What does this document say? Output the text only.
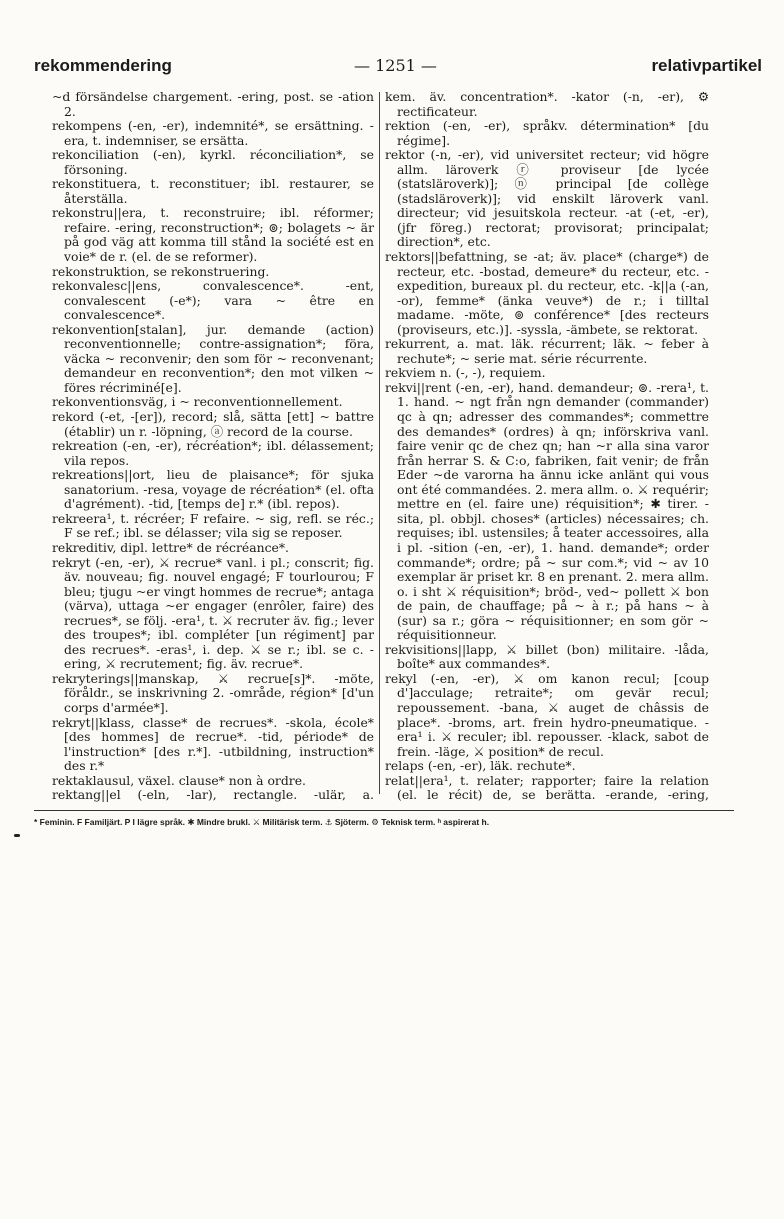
rekommendering	— 1251 —	relativpartikel

~d försändelse chargement. -ering, post. se -ation 2.

rekompens (-en, -er), indemnité*, se ersättning. -era, t. indemniser, se ersätta.

rekonciliation (-en), kyrkl. réconciliation*, se försoning.

rekonstituera, t. reconstituer; ibl. restaurer, se återställa.

rekonstru||era, t. reconstruire; ibl. réformer; refaire. -ering, reconstruction*; ⊚; bolagets ~ är på god väg att komma till stånd la société est en voie* de r. (el. de se reformer).

rekonstruktion, se rekonstruering.

rekonvalesc||ens, convalescence*. -ent, convalescent (-e*); vara ~ être en convalescence*.

rekonvention[stalan], jur. demande (action) reconventionnelle; contre-assignation*; föra, väcka ~ reconvenir; den som för ~ reconvenant; demandeur en reconvention*; den mot vilken ~ föres récriminé[e].

rekonventionsväg, i ~ reconventionnellement.

rekord (-et, -[er]), record; slå, sätta [ett] ~ battre (établir) un r. -löpning, ⓐ record de la course.

rekreation (-en, -er), récréation*; ibl. délassement; vila repos.

rekreations||ort, lieu de plaisance*; för sjuka sanatorium. -resa, voyage de récréation* (el. ofta d'agrément). -tid, [temps de] r.* (ibl. repos).

rekreera¹, t. récréer; F refaire. ~ sig, refl. se réc.; F se ref.; ibl. se délasser; vila sig se reposer.

rekreditiv, dipl. lettre* de récréance*.

rekryt (-en, -er), ⚔ recrue* vanl. i pl.; conscrit; fig. äv. nouveau; fig. nouvel engagé; F tourlourou; F bleu; tjugu ~er vingt hommes de recrue*; antaga (värva), uttaga ~er engager (enrôler, faire) des recrues*, se följ. -era¹, t. ⚔ recruter äv. fig.; lever des troupes*; ibl. compléter [un régiment] par des recrues*. -eras¹, i. dep. ⚔ se r.; ibl. se c. -ering, ⚔ recrutement; fig. äv. recrue*.

rekryterings||manskap, ⚔ recrue[s]*. -möte, föråldr., se inskrivning 2. -område, région* [d'un corps d'armée*].

rekryt||klass, classe* de recrues*. -skola, école* [des hommes] de recrue*. -tid, période* de l'instruction* [des r.*]. -utbildning, instruction* des r.*

rektaklausul, växel. clause* non à ordre.

rektang||el (-eln, -lar), rectangle. -ulär, a.

kem. äv. concentration*. -kator (-n, -er), ⚙ rectificateur.

rektion (-en, -er), språkv. détermination* [du régime].

rektor (-n, -er), vid universitet recteur; vid högre allm. läroverk ⓡ proviseur [de lycée (statsläroverk)]; ⓝ principal [de collège (stadsläroverk)]; vid enskilt läroverk vanl. directeur; vid jesuitskola recteur. -at (-et, -er), (jfr föreg.) rectorat; provisorat; principalat; direction*, etc.

rektors||befattning, se -at; äv. place* (charge*) de recteur, etc. -bostad, demeure* du recteur, etc. -expedition, bureaux pl. du recteur, etc. -k||a (-an, -or), femme* (änka veuve*) de r.; i tilltal madame. -möte, ⊚ conférence* [des recteurs (proviseurs, etc.)]. -syssla, -ämbete, se rektorat.

rekurrent, a. mat. läk. récurrent; läk. ~ feber à rechute*; ~ serie mat. série récurrente.

rekviem n. (-, -), requiem.

rekvi||rent (-en, -er), hand. demandeur; ⊚. -rera¹, t. 1. hand. ~ ngt från ngn demander (commander) qc à qn; adresser des commandes*; commettre des demandes* (ordres) à qn; införskriva vanl. faire venir qc de chez qn; han ~r alla sina varor från herrar S. & C:o, fabriken, fait venir; de från Eder ~de varorna ha ännu icke anlänt qui vous ont été commandées. 2. mera allm. o. ⚔ requérir; mettre en (el. faire une) réquisition*; ✱ tirer. -sita, pl. obbjl. choses* (articles) nécessaires; ch. requises; ibl. ustensiles; å teater accessoires, alla i pl. -sition (-en, -er), 1. hand. demande*; order commande*; ordre; på ~ sur com.*; vid ~ av 10 exemplar är priset kr. 8 en prenant. 2. mera allm. o. i sht ⚔ réquisition*; bröd-, ved~ pollett ⚔ bon de pain, de chauffage; på ~ à r.; på hans ~ à (sur) sa r.; göra ~ réquisitionner; en som gör ~ réquisitionneur.

rekvisitions||lapp, ⚔ billet (bon) militaire. -låda, boîte* aux commandes*.

rekyl (-en, -er), ⚔ om kanon recul; [coup d']acculage; retraite*; om gevär recul; repoussement. -bana, ⚔ auget de châssis de place*. -broms, art. frein hydro-pneumatique. -era¹ i. ⚔ reculer; ibl. repousser. -klack, sabot de frein. -läge, ⚔ position* de recul.

relaps (-en, -er), läk. rechute*.

relat||era¹, t. relater; rapporter; faire la relation (el. le récit) de, se berätta. -erande, -ering,

* Feminin. F Familjärt. P I lägre språk. ✱ Mindre brukl. ⚔ Militärisk term. ⚓ Sjöterm. ⚙ Teknisk term. ʰ aspirerat h.
